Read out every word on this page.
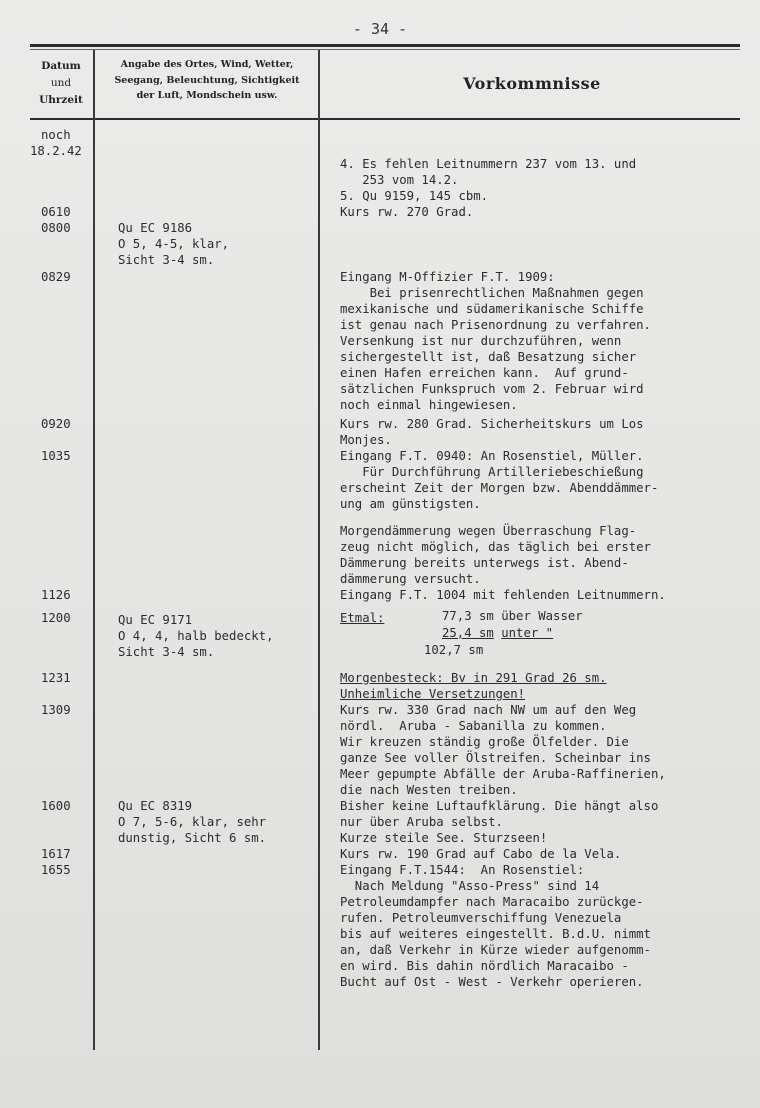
- 34 -
Datum
und
Uhrzeit
Angabe des Ortes, Wind, Wetter,
Seegang, Beleuchtung, Sichtigkeit
der Luft, Mondschein usw.
Vorkommnisse
noch
18.2.42
0610
0800
0829
0920
1035
1126
1200
1231
1309
1600
1617
1655
Qu EC 9186
O 5, 4-5, klar,
Sicht 3-4 sm.
Qu EC 9171
O 4, 4, halb bedeckt,
Sicht 3-4 sm.
Qu EC 8319
O 7, 5-6, klar, sehr
dunstig, Sicht 6 sm.
4. Es fehlen Leitnummern 237 vom 13. und
253 vom 14.2.
5. Qu 9159, 145 cbm.
Kurs rw. 270 Grad.
Eingang M-Offizier F.T. 1909:
Bei prisenrechtlichen Maßnahmen gegen
mexikanische und südamerikanische Schiffe
ist genau nach Prisenordnung zu verfahren.
Versenkung ist nur durchzuführen, wenn
sichergestellt ist, daß Besatzung sicher
einen Hafen erreichen kann.  Auf grund-
sätzlichen Funkspruch vom 2. Februar wird
noch einmal hingewiesen.
Kurs rw. 280 Grad. Sicherheitskurs um Los
Monjes.
Eingang F.T. 0940: An Rosenstiel, Müller.
Für Durchführung Artilleriebeschießung
erscheint Zeit der Morgen bzw. Abenddämmer-
ung am günstigsten.
Morgendämmerung wegen Überraschung Flag-
zeug nicht möglich, das täglich bei erster
Dämmerung bereits unterwegs ist. Abend-
dämmerung versucht.
Eingang F.T. 1004 mit fehlenden Leitnummern.
Etmal:	77,3 sm über Wasser
25,4 sm unter "
102,7 sm
Morgenbesteck: Bv in 291 Grad 26 sm.
Unheimliche Versetzungen!
Kurs rw. 330 Grad nach NW um auf den Weg
nördl.  Aruba - Sabanilla zu kommen.
Wir kreuzen ständig große Ölfelder. Die
ganze See voller Ölstreifen. Scheinbar ins
Meer gepumpte Abfälle der Aruba-Raffinerien,
die nach Westen treiben.
Bisher keine Luftaufklärung. Die hängt also
nur über Aruba selbst.
Kurze steile See. Sturzseen!
Kurs rw. 190 Grad auf Cabo de la Vela.
Eingang F.T.1544:  An Rosenstiel:
Nach Meldung "Asso-Press" sind 14
Petroleumdampfer nach Maracaibo zurückge-
rufen. Petroleumverschiffung Venezuela
bis auf weiteres eingestellt. B.d.U. nimmt
an, daß Verkehr in Kürze wieder aufgenomm-
en wird. Bis dahin nördlich Maracaibo -
Bucht auf Ost - West - Verkehr operieren.
